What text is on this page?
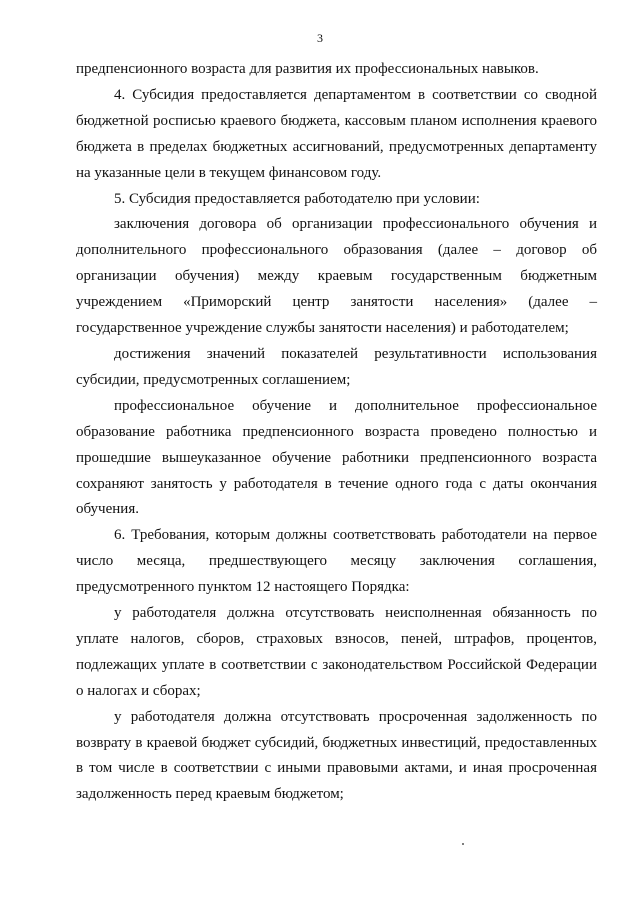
3

предпенсионного возраста для развития их профессиональных навыков.

4. Субсидия предоставляется департаментом в соответствии со сводной бюджетной росписью краевого бюджета, кассовым планом исполнения краевого бюджета в пределах бюджетных ассигнований, предусмотренных департаменту на указанные цели в текущем финансовом году.

5. Субсидия предоставляется работодателю при условии:

заключения договора об организации профессионального обучения и дополнительного профессионального образования (далее – договор об организации обучения) между краевым государственным бюджетным учреждением «Приморский центр занятости населения» (далее – государственное учреждение службы занятости населения) и работодателем;

достижения значений показателей результативности использования субсидии, предусмотренных соглашением;

профессиональное обучение и дополнительное профессиональное образование работника предпенсионного возраста проведено полностью и прошедшие вышеуказанное обучение работники предпенсионного возраста сохраняют занятость у работодателя в течение одного года с даты окончания обучения.

6. Требования, которым должны соответствовать работодатели на первое число месяца, предшествующего месяцу заключения соглашения, предусмотренного пунктом 12 настоящего Порядка:

у работодателя должна отсутствовать неисполненная обязанность по уплате налогов, сборов, страховых взносов, пеней, штрафов, процентов, подлежащих уплате в соответствии с законодательством Российской Федерации о налогах и сборах;

у работодателя должна отсутствовать просроченная задолженность по возврату в краевой бюджет субсидий, бюджетных инвестиций, предоставленных в том числе в соответствии с иными правовыми актами, и иная просроченная задолженность перед краевым бюджетом;
